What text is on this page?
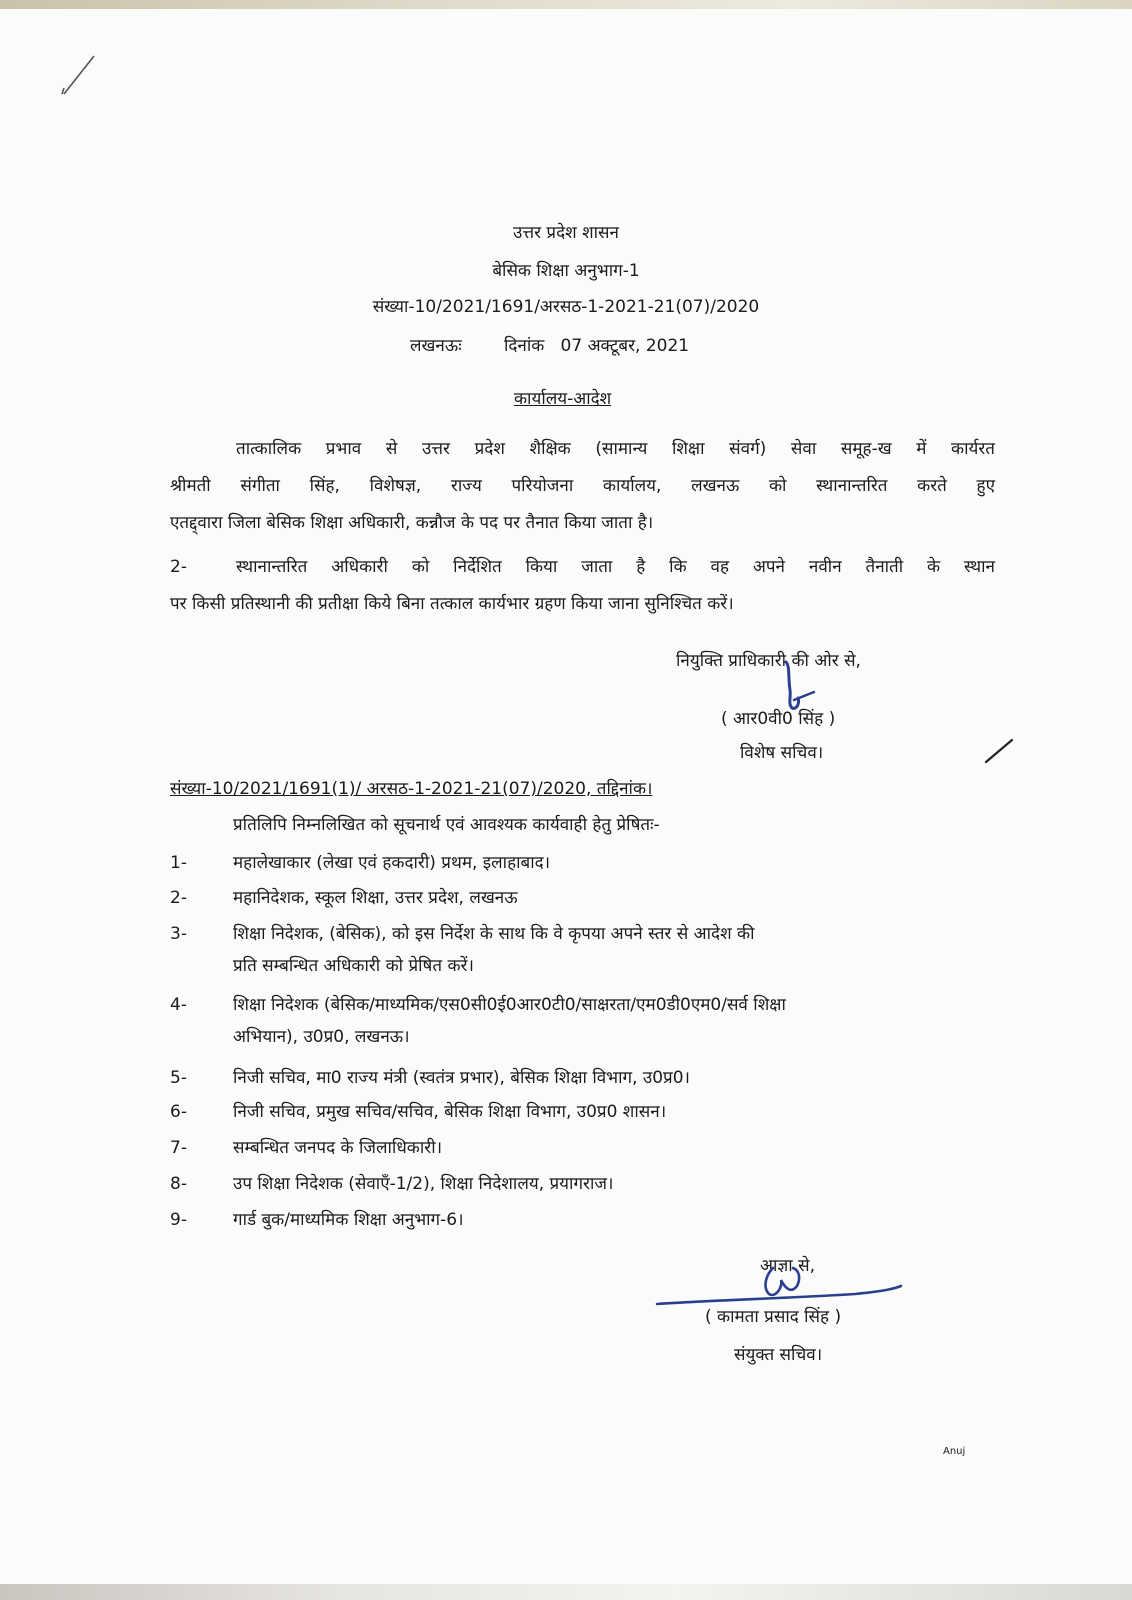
उत्तर प्रदेश शासन
बेसिक शिक्षा अनुभाग-1
संख्या-10/2021/1691/अरसठ-1-2021-21(07)/2020
लखनऊः दिनांक   07 अक्टूबर, 2021
कार्यालय-आदेश
तात्कालिक प्रभाव से उत्तर प्रदेश शैक्षिक (सामान्य शिक्षा संवर्ग) सेवा समूह-ख में कार्यरत
श्रीमती संगीता सिंह, विशेषज्ञ, राज्य परियोजना कार्यालय, लखनऊ को स्थानान्तरित करते हुए
एतद्द्वारा जिला बेसिक शिक्षा अधिकारी, कन्नौज के पद पर तैनात किया जाता है।
2-	स्थानान्तरित अधिकारी को निर्देशित किया जाता है कि वह अपने नवीन तैनाती के स्थान
पर किसी प्रतिस्थानी की प्रतीक्षा किये बिना तत्काल कार्यभार ग्रहण किया जाना सुनिश्चित करें।
नियुक्ति प्राधिकारी की ओर से,
( आर0वी0 सिंह )
विशेष सचिव।
संख्या-10/2021/1691(1)/ अरसठ-1-2021-21(07)/2020, तद्दिनांक।
प्रतिलिपि निम्नलिखित को सूचनार्थ एवं आवश्यक कार्यवाही हेतु प्रेषितः-
1-	महालेखाकार (लेखा एवं हकदारी) प्रथम, इलाहाबाद।
2-	महानिदेशक, स्कूल शिक्षा, उत्तर प्रदेश, लखनऊ
3-	शिक्षा निदेशक, (बेसिक), को इस निर्देश के साथ कि वे कृपया अपने स्तर से आदेश की
प्रति सम्बन्धित अधिकारी को प्रेषित करें।
4-	शिक्षा निदेशक (बेसिक/माध्यमिक/एस0सी0ई0आर0टी0/साक्षरता/एम0डी0एम0/सर्व शिक्षा
अभियान), उ0प्र0, लखनऊ।
5-	निजी सचिव, मा0 राज्य मंत्री (स्वतंत्र प्रभार), बेसिक शिक्षा विभाग, उ0प्र0।
6-	निजी सचिव, प्रमुख सचिव/सचिव, बेसिक शिक्षा विभाग, उ0प्र0 शासन।
7-	सम्बन्धित जनपद के जिलाधिकारी।
8-	उप शिक्षा निदेशक (सेवाएँ-1/2), शिक्षा निदेशालय, प्रयागराज।
9-	गार्ड बुक/माध्यमिक शिक्षा अनुभाग-6।
आज्ञा से,
( कामता प्रसाद सिंह )
संयुक्त सचिव।
Anuj
